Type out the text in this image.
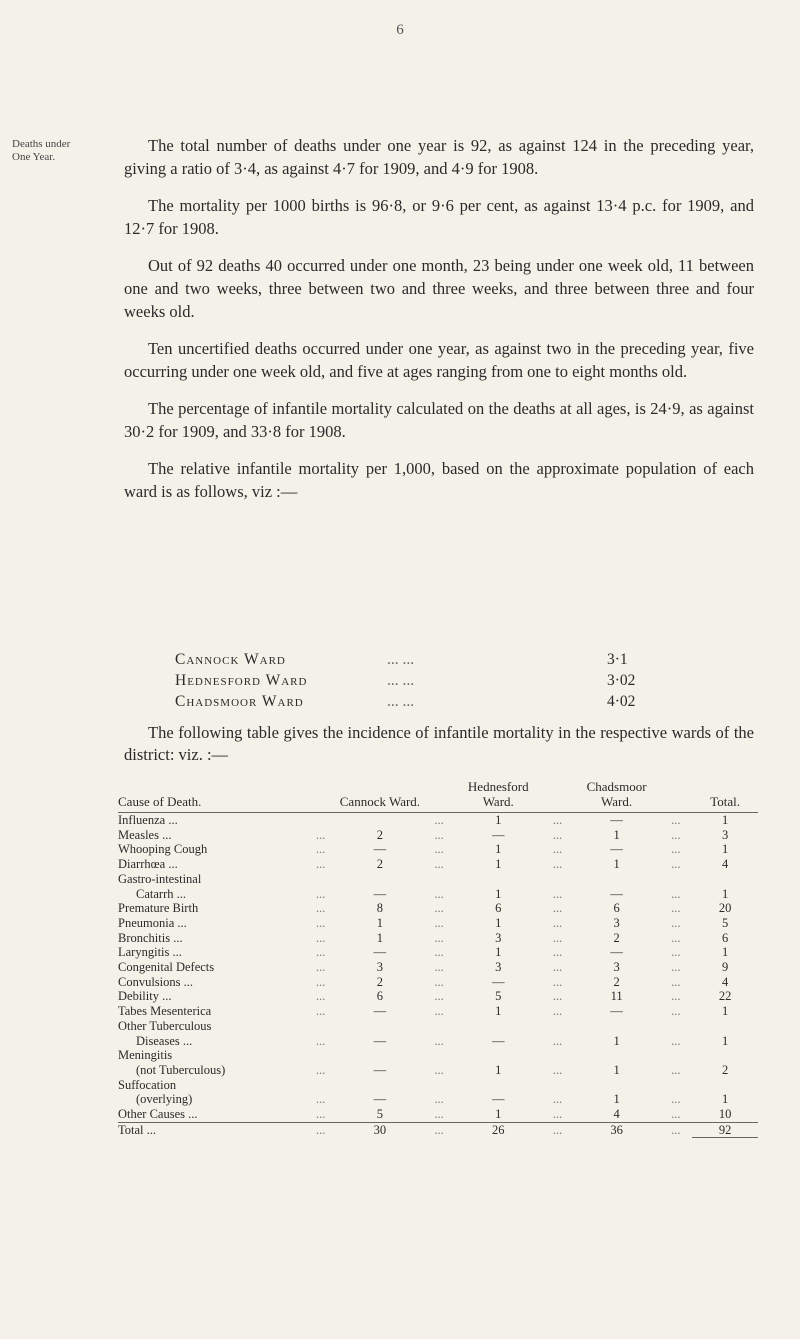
6
Deaths under One Year.

The total number of deaths under one year is 92, as against 124 in the preceding year, giving a ratio of 3·4, as against 4·7 for 1909, and 4·9 for 1908.

The mortality per 1000 births is 96·8, or 9·6 per cent, as against 13·4 p.c. for 1909, and 12·7 for 1908.

Out of 92 deaths 40 occurred under one month, 23 being under one week old, 11 between one and two weeks, three between two and three weeks, and three between three and four weeks old.

Ten uncertified deaths occurred under one year, as against two in the preceding year, five occurring under one week old, and five at ages ranging from one to eight months old.

The percentage of infantile mortality calculated on the deaths at all ages, is 24·9, as against 30·2 for 1909, and 33·8 for 1908.

The relative infantile mortality per 1,000, based on the approximate population of each ward is as follows, viz :—

Cannock Ward	... ...	3·1
Hednesford Ward	... ...	3·02
Chadsmoor Ward	... ...	4·02
The following table gives the incidence of infantile mortality in the respective wards of the district: viz. :—
Cause of Death.		Cannock Ward.		Hednesford Ward.		Chadsmoor Ward.		Total.
Influenza ...			...	1	...	—	...	1
Measles ...	...	2	...	—	...	1	...	3
Whooping Cough	...	—	...	1	...	—	...	1
Diarrhœa ...	...	2	...	1	...	1	...	4
Gastro-intestinal								
Catarrh ...	...	—	...	1	...	—	...	1
Premature Birth	...	8	...	6	...	6	...	20
Pneumonia ...	...	1	...	1	...	3	...	5
Bronchitis ...	...	1	...	3	...	2	...	6
Laryngitis ...	...	—	...	1	...	—	...	1
Congenital Defects	...	3	...	3	...	3	...	9
Convulsions ...	...	2	...	—	...	2	...	4
Debility ...	...	6	...	5	...	11	...	22
Tabes Mesenterica	...	—	...	1	...	—	...	1
Other Tuberculous								
Diseases ...	...	—	...	—	...	1	...	1
Meningitis								
(not Tuberculous)	...	—	...	1	...	1	...	2
Suffocation								
(overlying)	...	—	...	—	...	1	...	1
Other Causes ...	...	5	...	1	...	4	...	10
Total ...	...	30	...	26	...	36	...	92
